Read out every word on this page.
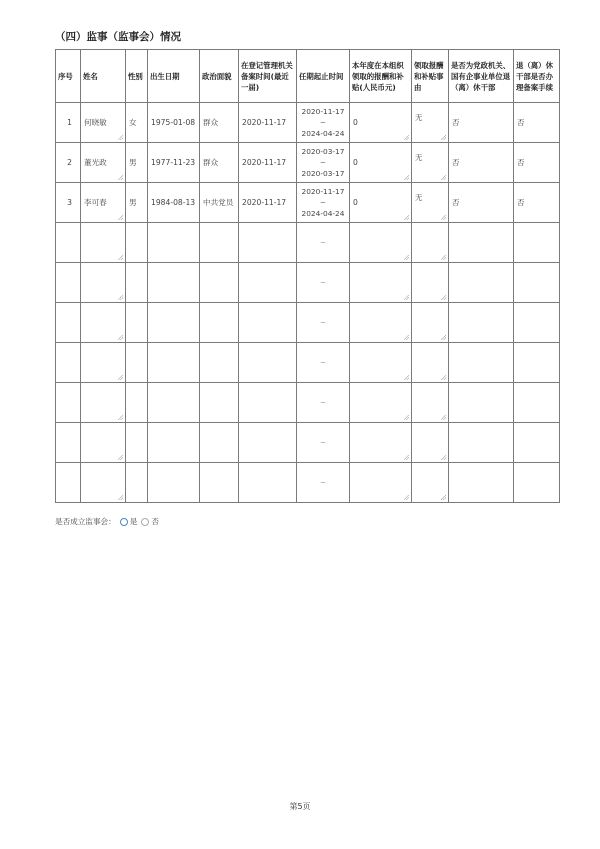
（四）监事（监事会）情况
序号	姓名	性别	出生日期	政治面貌	在登记管理机关备案时间(最近一届)	任期起止时间	本年度在本组织领取的报酬和补贴(人民币元)	领取报酬和补贴事由	是否为党政机关、国有企事业单位退（离）休干部	退（离）休干部是否办理备案手续

1	何晓敏	女	1975-01-08	群众	2020-11-17	2020-11-17
~
2024-04-24	0	无	否	否

2	董光政	男	1977-11-23	群众	2020-11-17	2020-03-17
~
2020-03-17	0	无	否	否

3	李可春	男	1984-08-13	中共党员	2020-11-17	2020-11-17
~
2024-04-24	0	无	否	否

						~				

						~				

						~				

						~				

						~				

						~				

						~				

是否成立监事会： 是 否
第5页
